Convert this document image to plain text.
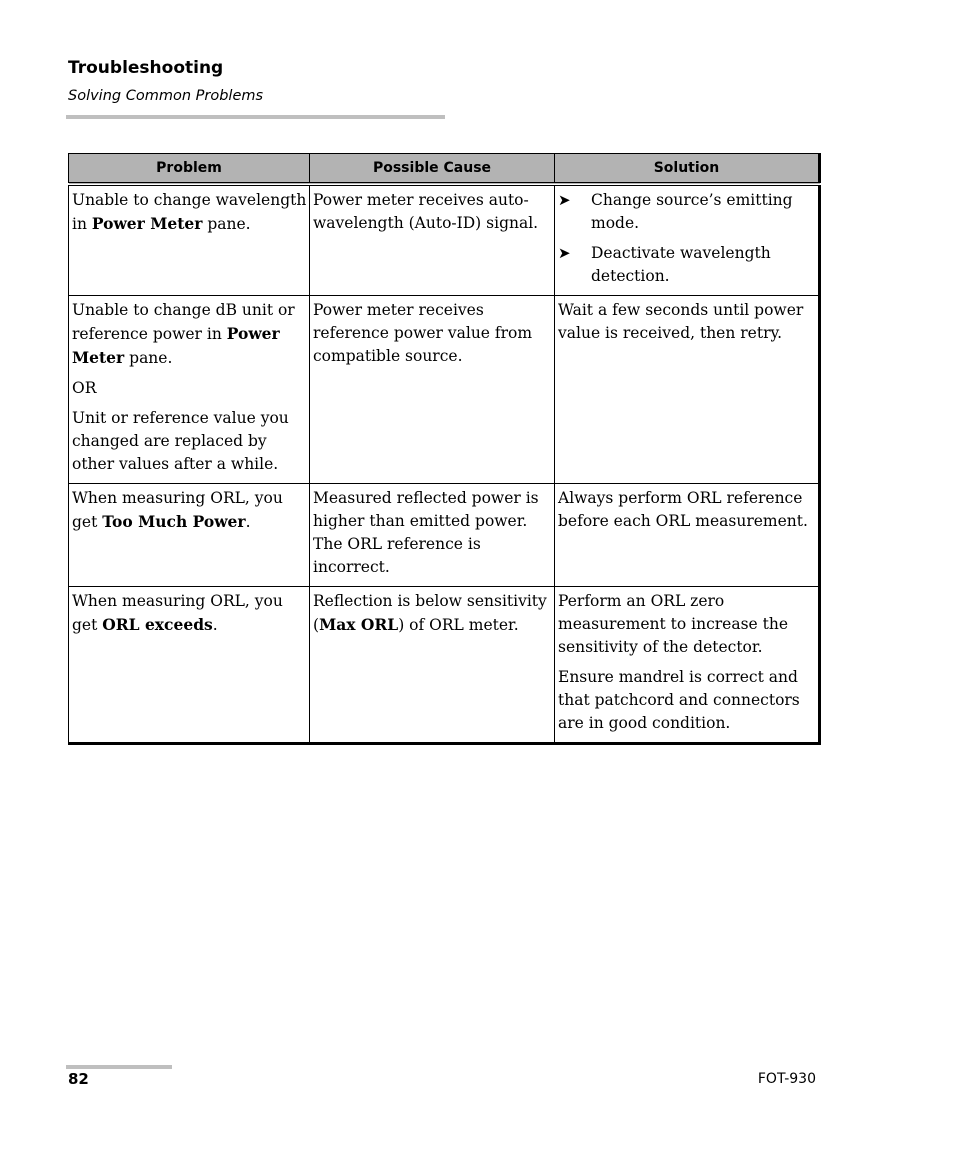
Troubleshooting
Solving Common Problems
Problem	Possible Cause	Solution

Unable to change wavelength in Power Meter pane.	Power meter receives auto-wavelength (Auto-ID) signal.	➤ Change source’s emitting mode.
➤ Deactivate wavelength detection.

Unable to change dB unit or reference power in Power Meter pane.

OR

Unit or reference value you changed are replaced by other values after a while.	Power meter receives reference power value from compatible source.	Wait a few seconds until power value is received, then retry.

When measuring ORL, you get Too Much Power.	Measured reflected power is higher than emitted power. The ORL reference is incorrect.	Always perform ORL reference before each ORL measurement.

When measuring ORL, you get ORL exceeds.	Reflection is below sensitivity (Max ORL) of ORL meter.	Perform an ORL zero measurement to increase the sensitivity of the detector.

Ensure mandrel is correct and that patchcord and connectors are in good condition.

82	FOT-930
